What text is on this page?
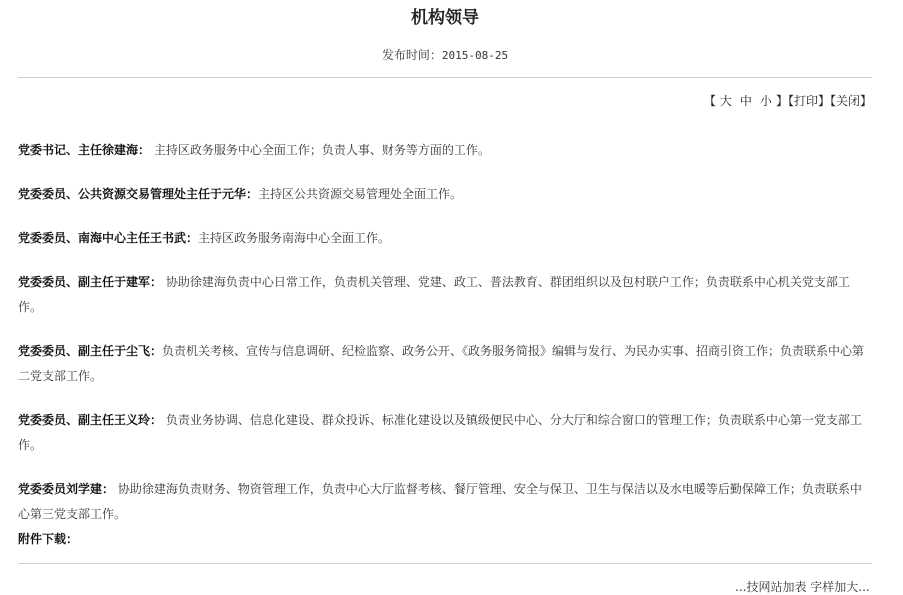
机构领导
发布时间：2015-08-25
【 大 中 小 】【打印】【关闭】

党委书记、主任徐建海： 主持区政务服务中心全面工作；负责人事、财务等方面的工作。

党委委员、公共资源交易管理处主任于元华：主持区公共资源交易管理处全面工作。

党委委员、南海中心主任王书武：主持区政务服务南海中心全面工作。

党委委员、副主任于建军： 协助徐建海负责中心日常工作，负责机关管理、党建、政工、普法教育、群团组织以及包村联户工作；负责联系中心机关党支部工作。

党委委员、副主任于尘飞：负责机关考核、宣传与信息调研、纪检监察、政务公开、《政务服务简报》编辑与发行、为民办实事、招商引资工作；负责联系中心第二党支部工作。

党委委员、副主任王义玲： 负责业务协调、信息化建设、群众投诉、标准化建设以及镇级便民中心、分大厅和综合窗口的管理工作；负责联系中心第一党支部工作。

党委委员刘学建： 协助徐建海负责财务、物资管理工作，负责中心大厅监督考核、餐厅管理、安全与保卫、卫生与保洁以及水电暖等后勤保障工作；负责联系中心第三党支部工作。

附件下载：

...技网站加表 字样加大...
